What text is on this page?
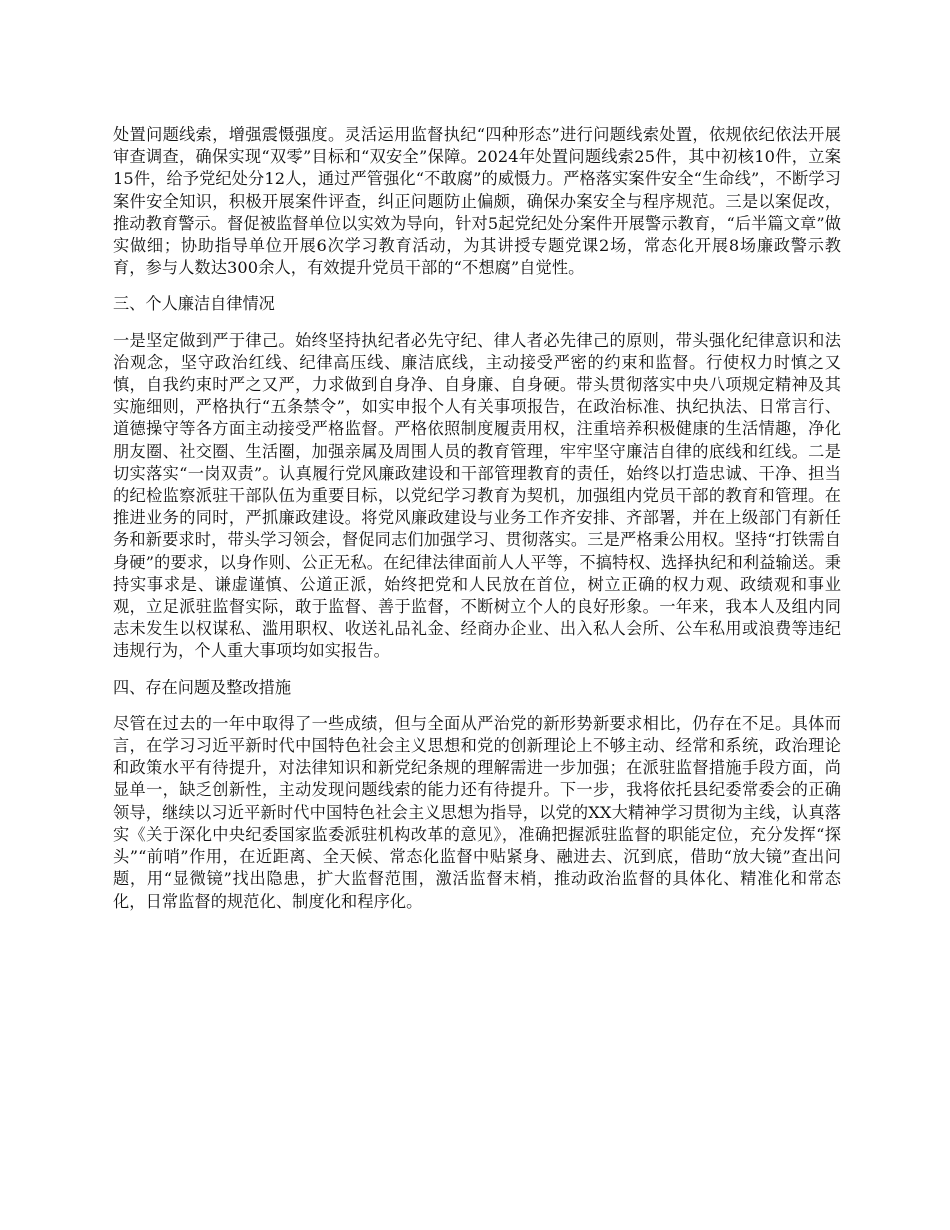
处置问题线索，增强震慑强度。灵活运用监督执纪“四种形态”进行问题线索处置，依规依纪依法开展审查调查，确保实现“双零”目标和“双安全”保障。2024年处置问题线索25件，其中初核10件，立案15件，给予党纪处分12人，通过严管强化“不敢腐”的威慑力。严格落实案件安全“生命线”，不断学习案件安全知识，积极开展案件评查，纠正问题防止偏颇，确保办案安全与程序规范。三是以案促改，推动教育警示。督促被监督单位以实效为导向，针对5起党纪处分案件开展警示教育，“后半篇文章”做实做细；协助指导单位开展6次学习教育活动，为其讲授专题党课2场，常态化开展8场廉政警示教育，参与人数达300余人，有效提升党员干部的“不想腐”自觉性。

三、个人廉洁自律情况

一是坚定做到严于律己。始终坚持执纪者必先守纪、律人者必先律己的原则，带头强化纪律意识和法治观念，坚守政治红线、纪律高压线、廉洁底线，主动接受严密的约束和监督。行使权力时慎之又慎，自我约束时严之又严，力求做到自身净、自身廉、自身硬。带头贯彻落实中央八项规定精神及其实施细则，严格执行“五条禁令”，如实申报个人有关事项报告，在政治标准、执纪执法、日常言行、道德操守等各方面主动接受严格监督。严格依照制度履责用权，注重培养积极健康的生活情趣，净化朋友圈、社交圈、生活圈，加强亲属及周围人员的教育管理，牢牢坚守廉洁自律的底线和红线。二是切实落实“一岗双责”。认真履行党风廉政建设和干部管理教育的责任，始终以打造忠诚、干净、担当的纪检监察派驻干部队伍为重要目标，以党纪学习教育为契机，加强组内党员干部的教育和管理。在推进业务的同时，严抓廉政建设。将党风廉政建设与业务工作齐安排、齐部署，并在上级部门有新任务和新要求时，带头学习领会，督促同志们加强学习、贯彻落实。三是严格秉公用权。坚持“打铁需自身硬”的要求，以身作则、公正无私。在纪律法律面前人人平等，不搞特权、选择执纪和利益输送。秉持实事求是、谦虚谨慎、公道正派，始终把党和人民放在首位，树立正确的权力观、政绩观和事业观，立足派驻监督实际，敢于监督、善于监督，不断树立个人的良好形象。一年来，我本人及组内同志未发生以权谋私、滥用职权、收送礼品礼金、经商办企业、出入私人会所、公车私用或浪费等违纪违规行为，个人重大事项均如实报告。

四、存在问题及整改措施

尽管在过去的一年中取得了一些成绩，但与全面从严治党的新形势新要求相比，仍存在不足。具体而言，在学习习近平新时代中国特色社会主义思想和党的创新理论上不够主动、经常和系统，政治理论和政策水平有待提升，对法律知识和新党纪条规的理解需进一步加强；在派驻监督措施手段方面，尚显单一，缺乏创新性，主动发现问题线索的能力还有待提升。下一步，我将依托县纪委常委会的正确领导，继续以习近平新时代中国特色社会主义思想为指导，以党的XX大精神学习贯彻为主线，认真落实《关于深化中央纪委国家监委派驻机构改革的意见》，准确把握派驻监督的职能定位，充分发挥“探头”“前哨”作用，在近距离、全天候、常态化监督中贴紧身、融进去、沉到底，借助“放大镜”查出问题，用“显微镜”找出隐患，扩大监督范围，激活监督末梢，推动政治监督的具体化、精准化和常态化，日常监督的规范化、制度化和程序化。
